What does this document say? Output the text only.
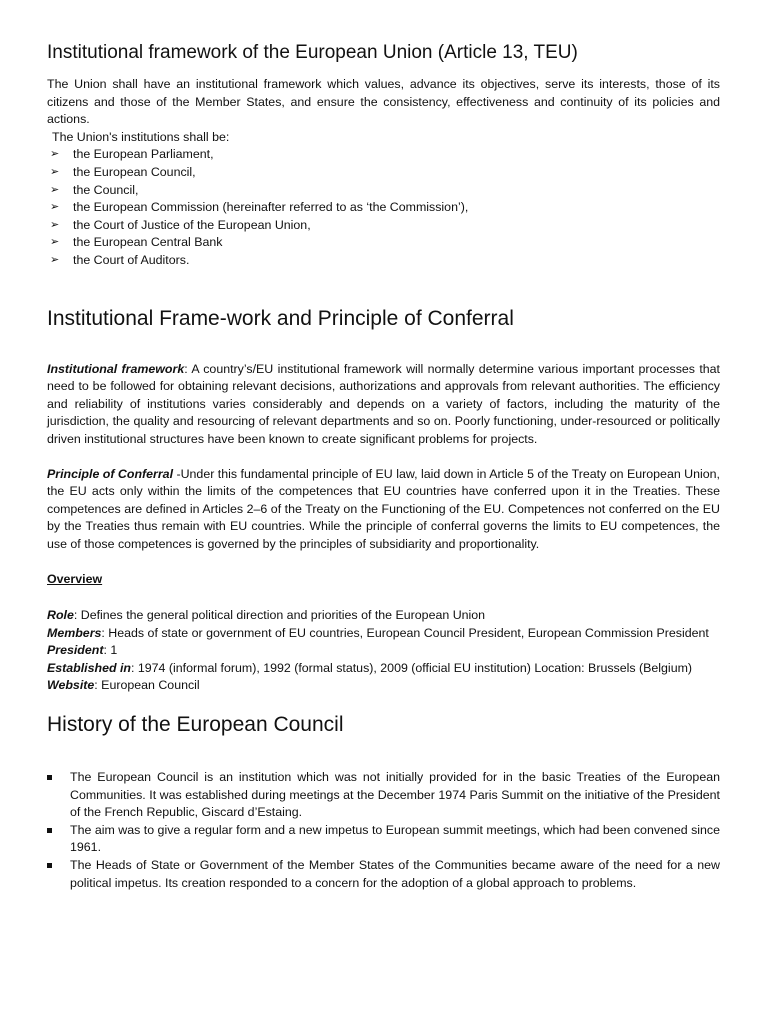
Institutional framework of the European Union (Article 13, TEU)

The Union shall have an institutional framework which values, advance its objectives, serve its interests, those of its citizens and those of the Member States, and ensure the consistency, effectiveness and continuity of its policies and actions.

The Union's institutions shall be:

➢ the European Parliament,
➢ the European Council,
➢ the Council,
➢ the European Commission (hereinafter referred to as ‘the Commission’),
➢ the Court of Justice of the European Union,
➢ the European Central Bank
➢ the Court of Auditors.
Institutional Frame-work and Principle of Conferral

Institutional framework: A country’s/EU institutional framework will normally determine various important processes that need to be followed for obtaining relevant decisions, authorizations and approvals from relevant authorities. The efficiency and reliability of institutions varies considerably and depends on a variety of factors, including the maturity of the jurisdiction, the quality and resourcing of relevant departments and so on. Poorly functioning, under-resourced or politically driven institutional structures have been known to create significant problems for projects.

Principle of Conferral -Under this fundamental principle of EU law, laid down in Article 5 of the Treaty on European Union, the EU acts only within the limits of the competences that EU countries have conferred upon it in the Treaties. These competences are defined in Articles 2–6 of the Treaty on the Functioning of the EU. Competences not conferred on the EU by the Treaties thus remain with EU countries. While the principle of conferral governs the limits to EU competences, the use of those competences is governed by the principles of subsidiarity and proportionality.

Overview

Role: Defines the general political direction and priorities of the European Union

Members: Heads of state or government of EU countries, European Council President, European Commission President

President: 1

Established in: 1974 (informal forum), 1992 (formal status), 2009 (official EU institution) Location: Brussels (Belgium)

Website: European Council

History of the European Council
The European Council is an institution which was not initially provided for in the basic Treaties of the European Communities. It was established during meetings at the December 1974 Paris Summit on the initiative of the President of the French Republic, Giscard d’Estaing.
The aim was to give a regular form and a new impetus to European summit meetings, which had been convened since 1961.
The Heads of State or Government of the Member States of the Communities became aware of the need for a new political impetus. Its creation responded to a concern for the adoption of a global approach to problems.
